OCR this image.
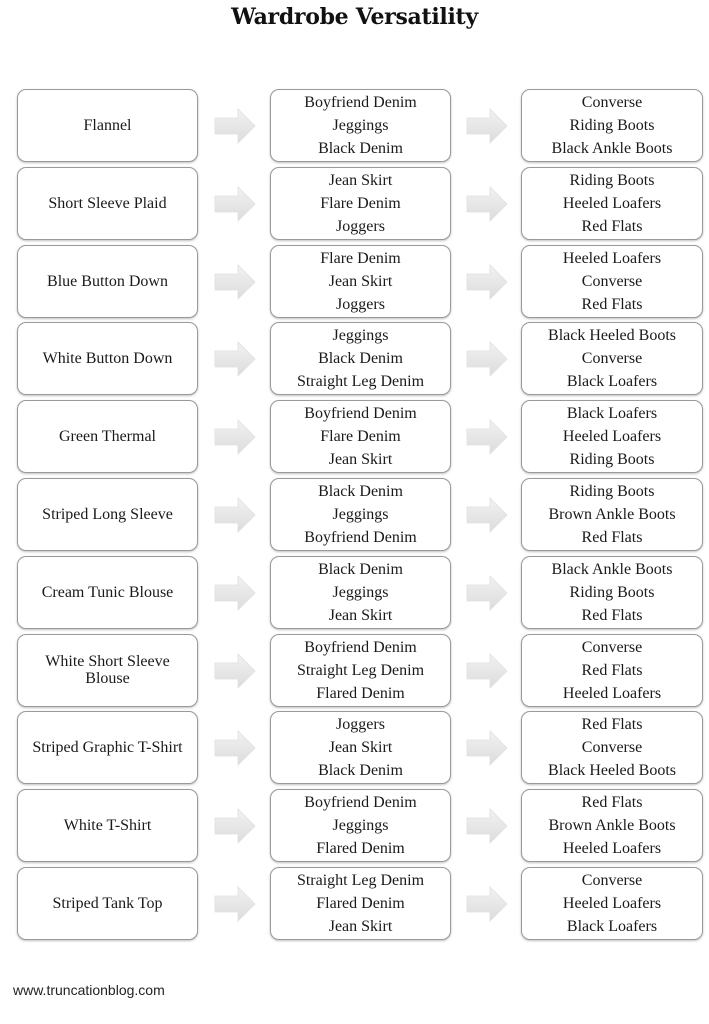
Wardrobe Versatility
Flannel
Boyfriend Denim
Jeggings
Black Denim
Converse
Riding Boots
Black Ankle Boots
Short Sleeve Plaid
Jean Skirt
Flare Denim
Joggers
Riding Boots
Heeled Loafers
Red Flats
Blue Button Down
Flare Denim
Jean Skirt
Joggers
Heeled Loafers
Converse
Red Flats
White Button Down
Jeggings
Black Denim
Straight Leg Denim
Black Heeled Boots
Converse
Black Loafers
Green Thermal
Boyfriend Denim
Flare Denim
Jean Skirt
Black Loafers
Heeled Loafers
Riding Boots
Striped Long Sleeve
Black Denim
Jeggings
Boyfriend Denim
Riding Boots
Brown Ankle Boots
Red Flats
Cream Tunic Blouse
Black Denim
Jeggings
Jean Skirt
Black Ankle Boots
Riding Boots
Red Flats
White Short Sleeve Blouse
Boyfriend Denim
Straight Leg Denim
Flared Denim
Converse
Red Flats
Heeled Loafers
Striped Graphic T-Shirt
Joggers
Jean Skirt
Black Denim
Red Flats
Converse
Black Heeled Boots
White T-Shirt
Boyfriend Denim
Jeggings
Flared Denim
Red Flats
Brown Ankle Boots
Heeled Loafers
Striped Tank Top
Straight Leg Denim
Flared Denim
Jean Skirt
Converse
Heeled Loafers
Black Loafers
www.truncationblog.com
